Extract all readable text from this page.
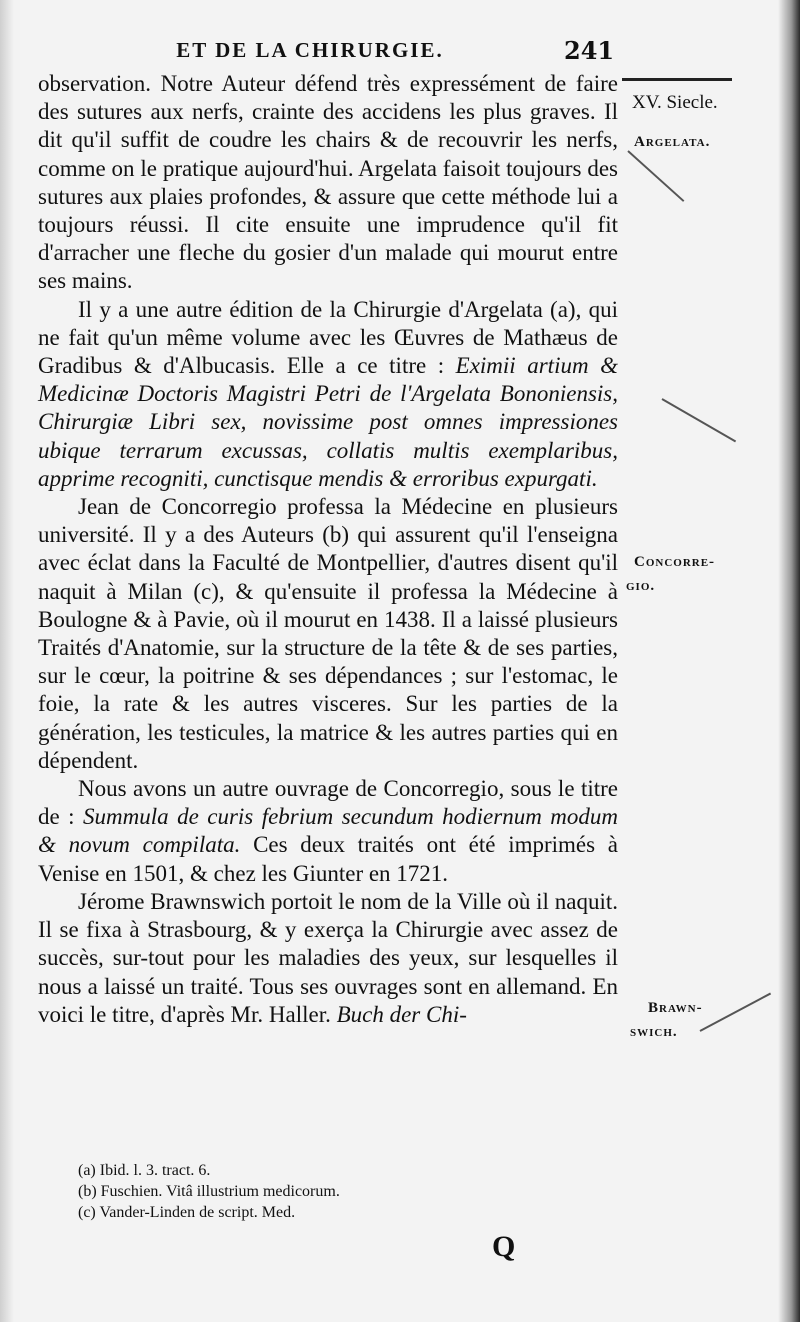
ET DE LA CHIRURGIE.	241
XV. Siecle.
Argelata.
Concorre-
gio.
Brawn-
swich.

observation. Notre Auteur défend très expressément de faire des sutures aux nerfs, crainte des accidens les plus graves. Il dit qu'il suffit de coudre les chairs & de recouvrir les nerfs, comme on le pratique aujourd'hui. Argelata faisoit toujours des sutures aux plaies profondes, & assure que cette méthode lui a toujours réussi. Il cite ensuite une imprudence qu'il fit d'arracher une fleche du gosier d'un malade qui mourut entre ses mains.

Il y a une autre édition de la Chirurgie d'Argelata (a), qui ne fait qu'un même volume avec les Œuvres de Mathæus de Gradibus & d'Albucasis. Elle a ce titre : Eximii artium & Medicinæ Doctoris Magistri Petri de l'Argelata Bononiensis, Chirurgiæ Libri sex, novissime post omnes impressiones ubique terrarum excussas, collatis multis exemplaribus, apprime recogniti, cunctisque mendis & erroribus expurgati.

Jean de Concorregio professa la Médecine en plusieurs université. Il y a des Auteurs (b) qui assurent qu'il l'enseigna avec éclat dans la Faculté de Montpellier, d'autres disent qu'il naquit à Milan (c), & qu'ensuite il professa la Médecine à Boulogne & à Pavie, où il mourut en 1438. Il a laissé plusieurs Traités d'Anatomie, sur la structure de la tête & de ses parties, sur le cœur, la poitrine & ses dépendances ; sur l'estomac, le foie, la rate & les autres visceres. Sur les parties de la génération, les testicules, la matrice & les autres parties qui en dépendent.

Nous avons un autre ouvrage de Concorregio, sous le titre de : Summula de curis febrium secundum hodiernum modum & novum compilata. Ces deux traités ont été imprimés à Venise en 1501, & chez les Giunter en 1721.

Jérome Brawnswich portoit le nom de la Ville où il naquit. Il se fixa à Strasbourg, & y exerça la Chirurgie avec assez de succès, sur-tout pour les maladies des yeux, sur lesquelles il nous a laissé un traité. Tous ses ouvrages sont en allemand. En voici le titre, d'après Mr. Haller. Buch der Chi-

(a) Ibid. l. 3. tract. 6.
(b) Fuschien. Vitâ illustrium medicorum.
(c) Vander-Linden de script. Med.
Q
